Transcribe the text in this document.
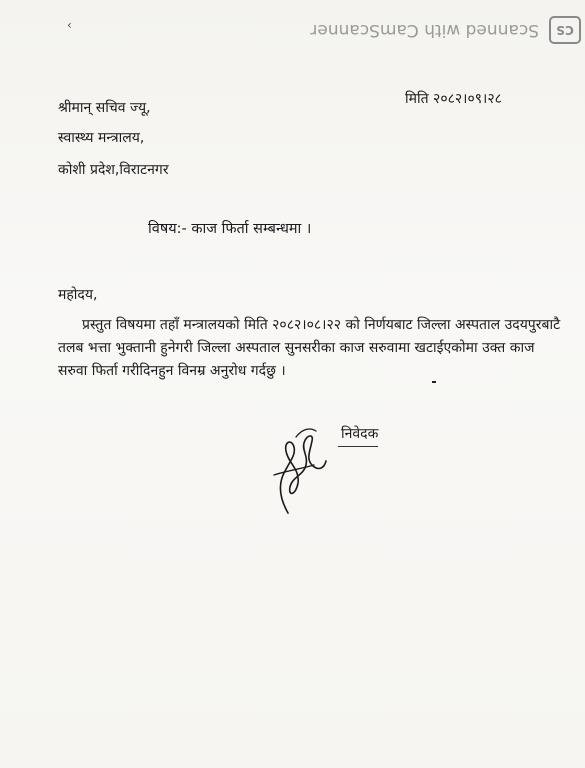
‹	CS
Scanned with CamScanner
मिति २०८२।०९।२८
श्रीमान् सचिव ज्यू,
स्वास्थ्य मन्त्रालय,
कोशी प्रदेश,विराटनगर
विषय:- काज फिर्ता सम्बन्धमा ।
महोदय,
प्रस्तुत विषयमा तहाँ मन्त्रालयको मिति २०८२।०८।२२ को निर्णयबाट जिल्ला अस्पताल उदयपुरबाटै तलब भत्ता भुक्तानी हुनेगरी जिल्ला अस्पताल सुनसरीका काज सरुवामा खटाईएकोमा उक्त काज सरुवा फिर्ता गरीदिनहुन विनम्र अनुरोध गर्दछु ।
निवेदक
